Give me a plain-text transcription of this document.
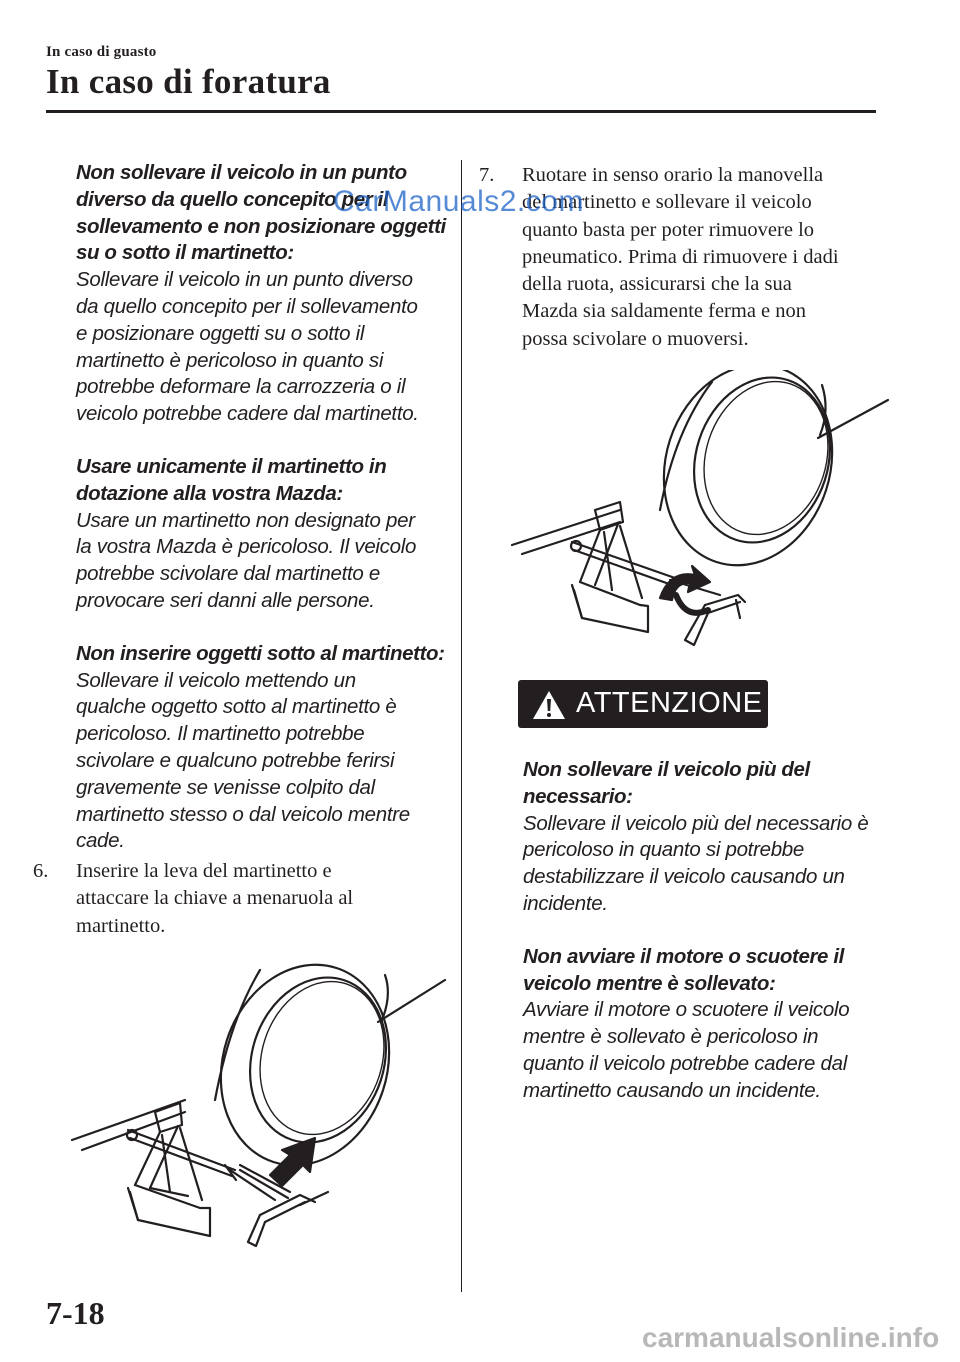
In caso di guasto
In caso di foratura
Non sollevare il veicolo in un punto
diverso da quello concepito per il
sollevamento e non posizionare oggetti
su o sotto il martinetto:
Sollevare il veicolo in un punto diverso
da quello concepito per il sollevamento
e posizionare oggetti su o sotto il
martinetto è pericoloso in quanto si
potrebbe deformare la carrozzeria o il
veicolo potrebbe cadere dal martinetto.
Usare unicamente il martinetto in
dotazione alla vostra Mazda:
Usare un martinetto non designato per
la vostra Mazda è pericoloso. Il veicolo
potrebbe scivolare dal martinetto e
provocare seri danni alle persone.
Non inserire oggetti sotto al martinetto:
Sollevare il veicolo mettendo un
qualche oggetto sotto al martinetto è
pericoloso. Il martinetto potrebbe
scivolare e qualcuno potrebbe ferirsi
gravemente se venisse colpito dal
martinetto stesso o dal veicolo mentre
cade.
6.	Inserire la leva del martinetto e
attaccare la chiave a menaruola al
martinetto.
7.	Ruotare in senso orario la manovella
del martinetto e sollevare il veicolo
quanto basta per poter rimuovere lo
pneumatico. Prima di rimuovere i dadi
della ruota, assicurarsi che la sua
Mazda sia saldamente ferma e non
possa scivolare o muoversi.
ATTENZIONE
Non sollevare il veicolo più del
necessario:
Sollevare il veicolo più del necessario è
pericoloso in quanto si potrebbe
destabilizzare il veicolo causando un
incidente.
Non avviare il motore o scuotere il
veicolo mentre è sollevato:
Avviare il motore o scuotere il veicolo
mentre è sollevato è pericoloso in
quanto il veicolo potrebbe cadere dal
martinetto causando un incidente.
7-18
CarManuals2.com
carmanualsonline.info
